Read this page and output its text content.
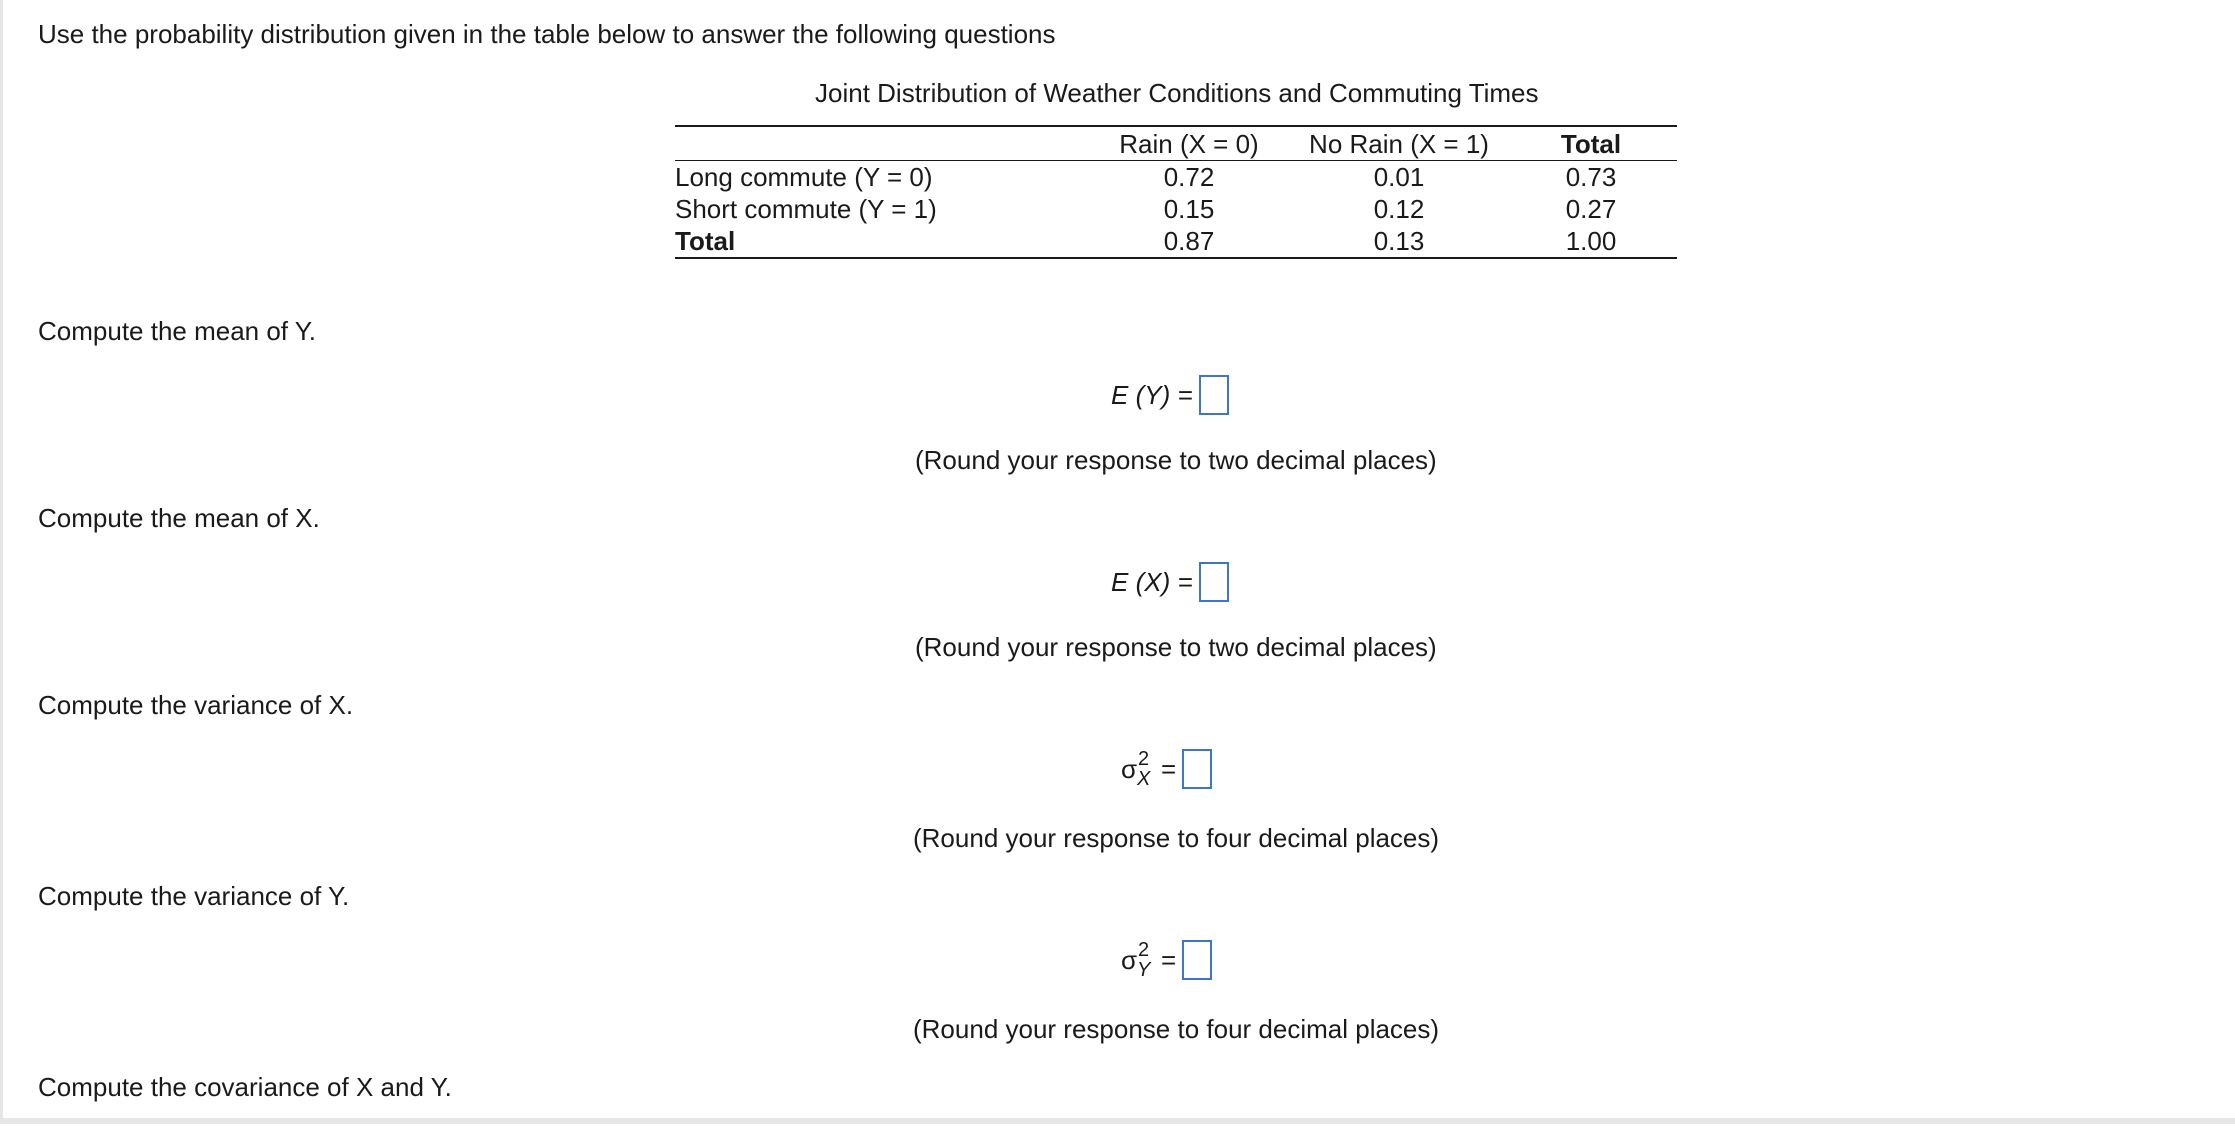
Use the probability distribution given in the table below to answer the following questions
Joint Distribution of Weather Conditions and Commuting Times
	Rain (X = 0)	No Rain (X = 1)	Total
Long commute (Y = 0)	0.72	0.01	0.73
Short commute (Y = 1)	0.15	0.12	0.27
Total	0.87	0.13	1.00
Compute the mean of Y.
E (Y) =
(Round your response to two decimal places)
Compute the mean of X.
E (X) =
(Round your response to two decimal places)
Compute the variance of X.
σ 2
X =
(Round your response to four decimal places)
Compute the variance of Y.
σ 2
Y =
(Round your response to four decimal places)
Compute the covariance of X and Y.
